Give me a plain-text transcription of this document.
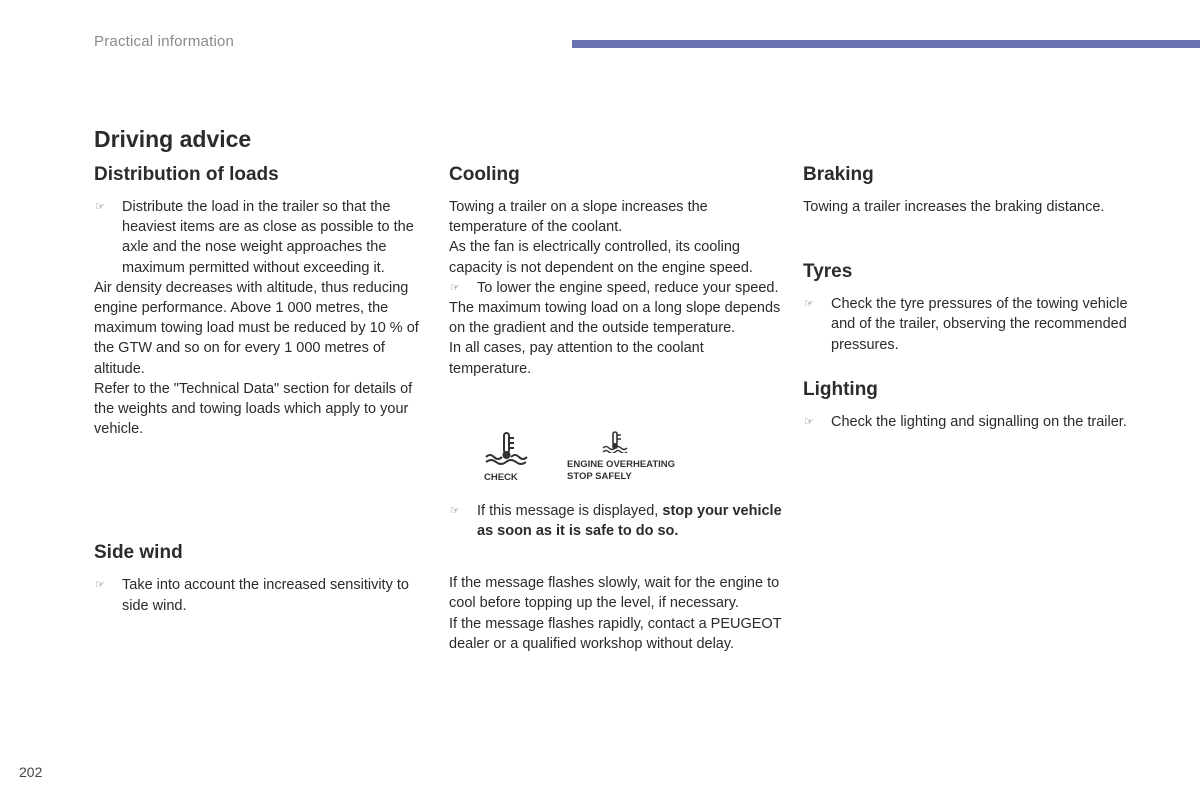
Practical information
Driving advice
Distribution of loads
☞ Distribute the load in the trailer so that the heaviest items are as close as possible to the axle and the nose weight approaches the maximum permitted without exceeding it.

Air density decreases with altitude, thus reducing engine performance. Above 1 000 metres, the maximum towing load must be reduced by 10 % of the GTW and so on for every 1 000 metres of altitude.

Refer to the "Technical Data" section for details of the weights and towing loads which apply to your vehicle.

Side wind
☞ Take into account the increased sensitivity to side wind.
Cooling

Towing a trailer on a slope increases the temperature of the coolant.

As the fan is electrically controlled, its cooling capacity is not dependent on the engine speed.

☞ To lower the engine speed, reduce your speed.

The maximum towing load on a long slope depends on the gradient and the outside temperature.

In all cases, pay attention to the coolant temperature.

CHECK
ENGINE OVERHEATING
STOP SAFELY
☞ If this message is displayed, stop your vehicle as soon as it is safe to do so.

If the message flashes slowly, wait for the engine to cool before topping up the level, if necessary.

If the message flashes rapidly, contact a PEUGEOT dealer or a qualified workshop without delay.

Braking

Towing a trailer increases the braking distance.

Tyres
☞ Check the tyre pressures of the towing vehicle and of the trailer, observing the recommended pressures.
Lighting
☞ Check the lighting and signalling on the trailer.
202
